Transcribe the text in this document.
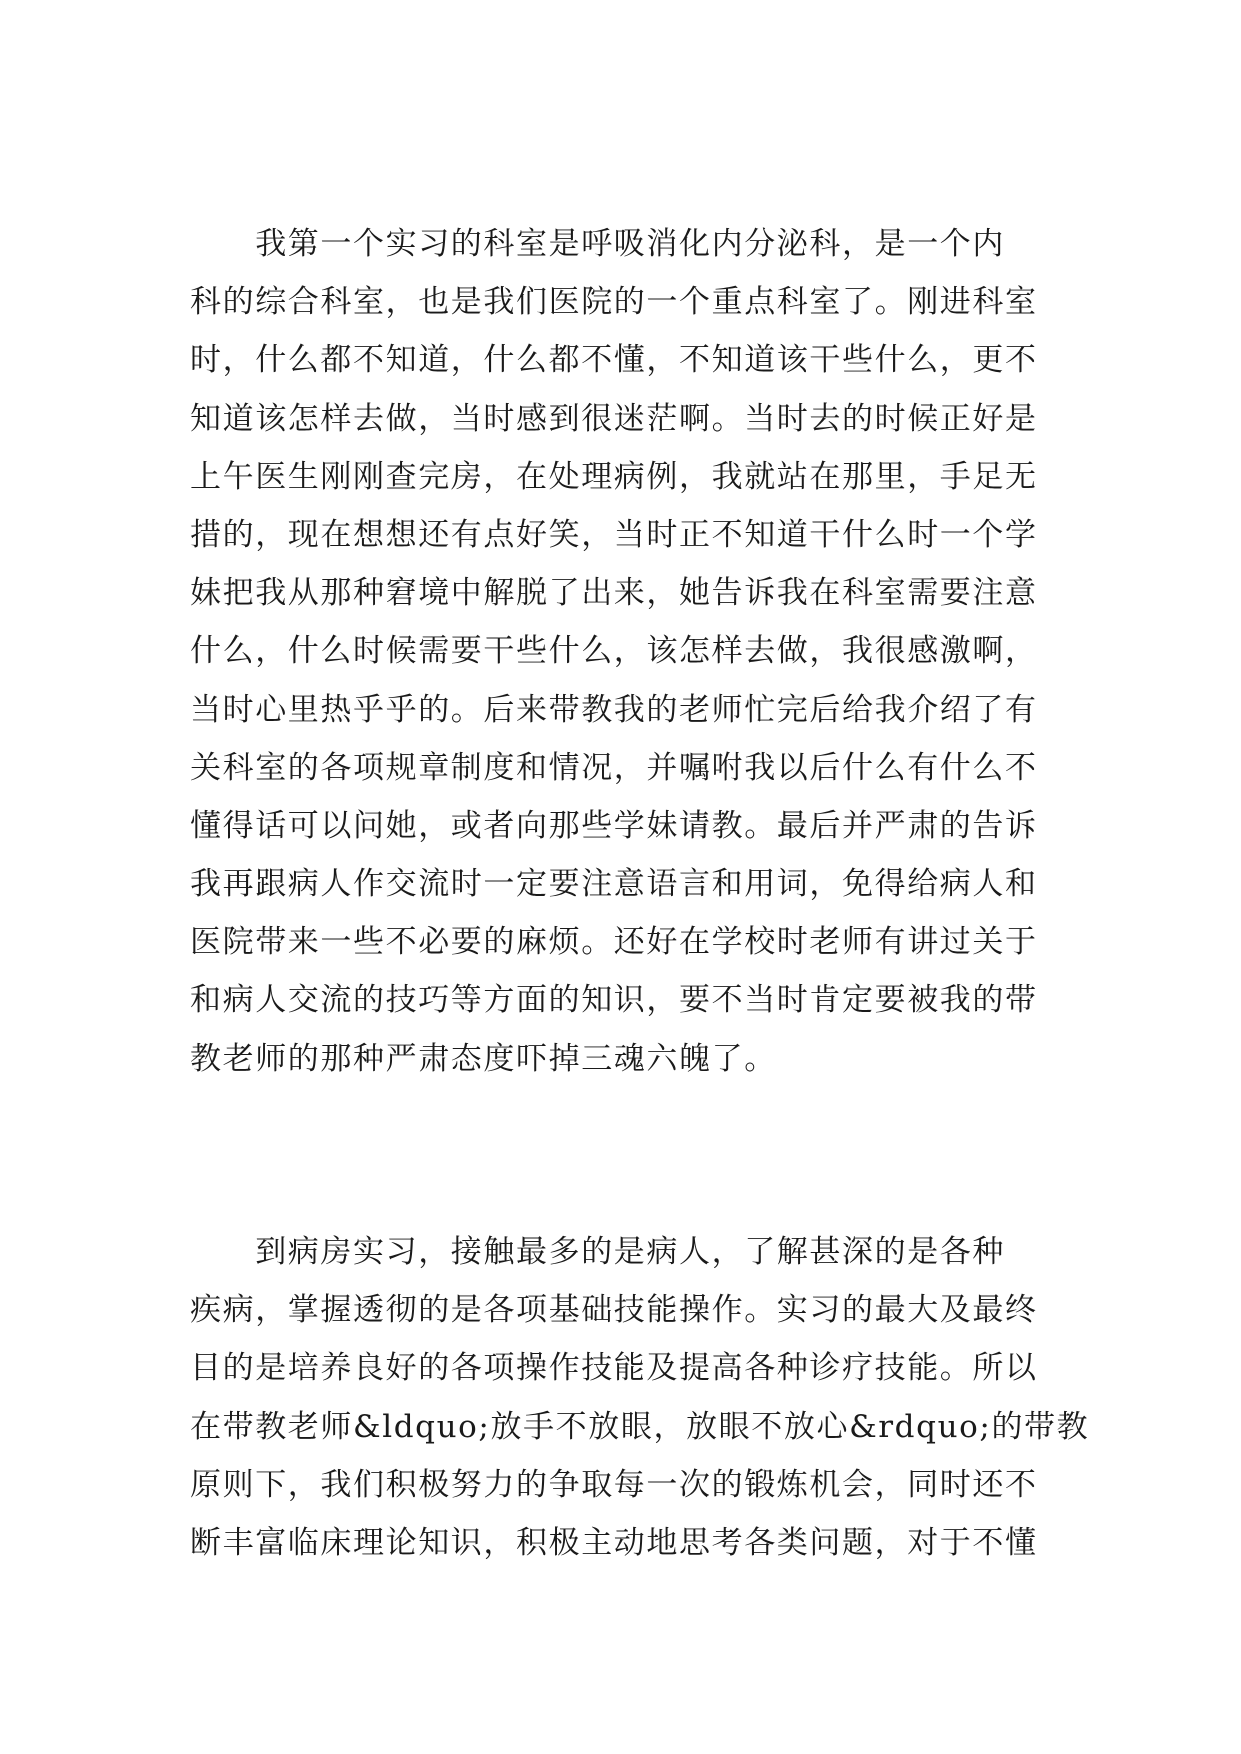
　　我第一个实习的科室是呼吸消化内分泌科，是一个内
科的综合科室，也是我们医院的一个重点科室了。刚进科室
时，什么都不知道，什么都不懂，不知道该干些什么，更不
知道该怎样去做，当时感到很迷茫啊。当时去的时候正好是
上午医生刚刚查完房，在处理病例，我就站在那里，手足无
措的，现在想想还有点好笑，当时正不知道干什么时一个学
妹把我从那种窘境中解脱了出来，她告诉我在科室需要注意
什么，什么时候需要干些什么，该怎样去做，我很感激啊，
当时心里热乎乎的。后来带教我的老师忙完后给我介绍了有
关科室的各项规章制度和情况，并嘱咐我以后什么有什么不
懂得话可以问她，或者向那些学妹请教。最后并严肃的告诉
我再跟病人作交流时一定要注意语言和用词，免得给病人和
医院带来一些不必要的麻烦。还好在学校时老师有讲过关于
和病人交流的技巧等方面的知识，要不当时肯定要被我的带
教老师的那种严肃态度吓掉三魂六魄了。
　　到病房实习，接触最多的是病人，了解甚深的是各种
疾病，掌握透彻的是各项基础技能操作。实习的最大及最终
目的是培养良好的各项操作技能及提高各种诊疗技能。所以
在带教老师&ldquo;放手不放眼，放眼不放心&rdquo;的带教
原则下，我们积极努力的争取每一次的锻炼机会，同时还不
断丰富临床理论知识，积极主动地思考各类问题，对于不懂
